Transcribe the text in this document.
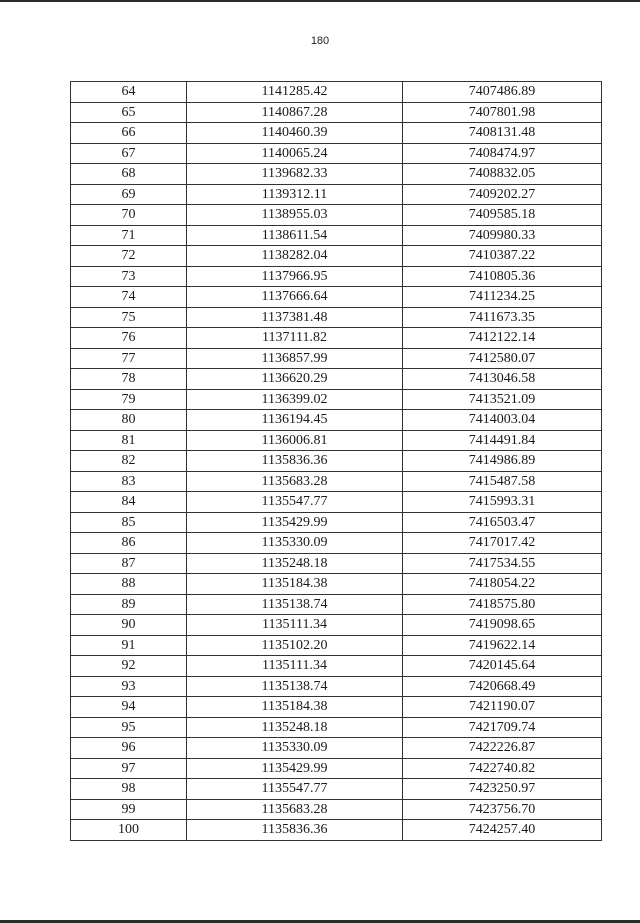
180
64	1141285.42	7407486.89
65	1140867.28	7407801.98
66	1140460.39	7408131.48
67	1140065.24	7408474.97
68	1139682.33	7408832.05
69	1139312.11	7409202.27
70	1138955.03	7409585.18
71	1138611.54	7409980.33
72	1138282.04	7410387.22
73	1137966.95	7410805.36
74	1137666.64	7411234.25
75	1137381.48	7411673.35
76	1137111.82	7412122.14
77	1136857.99	7412580.07
78	1136620.29	7413046.58
79	1136399.02	7413521.09
80	1136194.45	7414003.04
81	1136006.81	7414491.84
82	1135836.36	7414986.89
83	1135683.28	7415487.58
84	1135547.77	7415993.31
85	1135429.99	7416503.47
86	1135330.09	7417017.42
87	1135248.18	7417534.55
88	1135184.38	7418054.22
89	1135138.74	7418575.80
90	1135111.34	7419098.65
91	1135102.20	7419622.14
92	1135111.34	7420145.64
93	1135138.74	7420668.49
94	1135184.38	7421190.07
95	1135248.18	7421709.74
96	1135330.09	7422226.87
97	1135429.99	7422740.82
98	1135547.77	7423250.97
99	1135683.28	7423756.70
100	1135836.36	7424257.40
